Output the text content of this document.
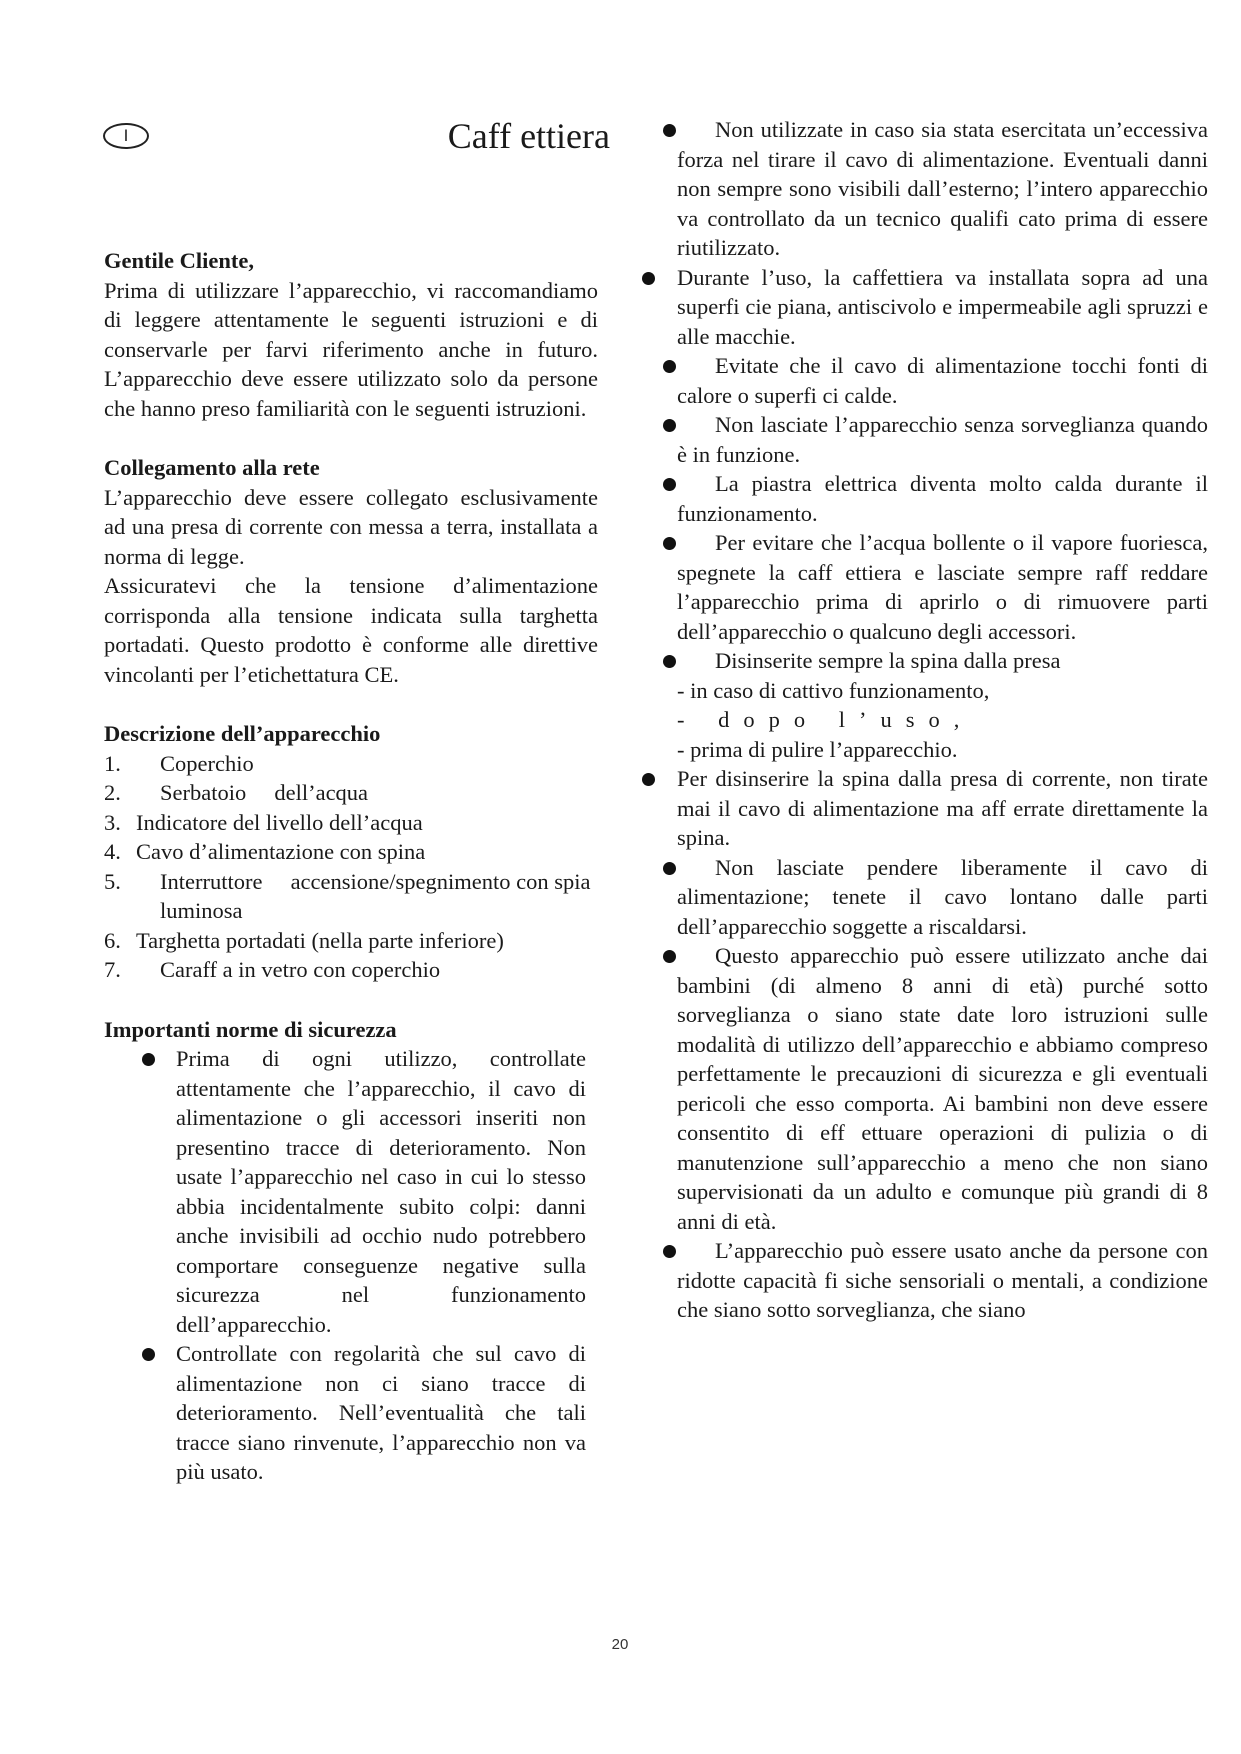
I	Caff ettiera

Gentile Cliente,

Prima di utilizzare l’apparecchio, vi raccomandiamo di leggere attentamente le seguenti istruzioni e di conservarle per farvi riferimento anche in futuro. L’apparecchio deve essere utilizzato solo da persone che hanno preso familiarità con le seguenti istruzioni.

Collegamento alla rete

L’apparecchio deve essere collegato esclusivamente ad una presa di corrente con messa a terra, installata a norma di legge.

Assicuratevi che la tensione d’alimentazione corrisponda alla tensione indicata sulla targhetta portadati. Questo prodotto è conforme alle direttive vincolanti per l’etichettatura CE.

Descrizione dell’apparecchio

1.	Coperchio
2.	Serbatoio     dell’acqua
3. Indicatore del livello dell’acqua
4. Cavo d’alimentazione con spina
5.	Interruttore     accensione/spegnimento con spia luminosa
6. Targhetta portadati (nella parte inferiore)
7.	Caraff a in vetro con coperchio

Importanti norme di sicurezza

Prima di ogni utilizzo, controllate attentamente che l’apparecchio, il cavo di alimentazione o gli accessori inseriti non presentino tracce di deterioramento. Non usate l’apparecchio nel caso in cui lo stesso abbia incidentalmente subito colpi: danni anche invisibili ad occhio nudo potrebbero comportare conseguenze negative sulla sicurezza nel funzionamento dell’apparecchio.
Controllate con regolarità che sul cavo di alimentazione non ci siano tracce di deterioramento. Nell’eventualità che tali tracce siano rinvenute, l’apparecchio non va più usato.
Non utilizzate in caso sia stata esercitata un’eccessiva forza nel tirare il cavo di alimentazione. Eventuali danni non sempre sono visibili dall’esterno; l’intero apparecchio va controllato da un tecnico qualifi cato prima di essere riutilizzato.
Durante l’uso, la caffettiera va installata sopra ad una superfi cie piana, antiscivolo e impermeabile agli spruzzi e alle macchie.
Evitate che il cavo di alimentazione tocchi fonti di calore o superfi ci calde.
Non lasciate l’apparecchio senza sorveglianza quando è in funzione.
La piastra elettrica diventa molto calda durante il funzionamento.
Per evitare che l’acqua bollente o il vapore fuoriesca, spegnete la caff ettiera e lasciate sempre raff reddare l’apparecchio prima di aprirlo o di rimuovere parti dell’apparecchio o qualcuno degli accessori.
Disinserite sempre la spina dalla presa
- in caso di cattivo funzionamento,
- dopo l’uso,
- prima di pulire l’apparecchio.
Per disinserire la spina dalla presa di corrente, non tirate mai il cavo di alimentazione ma aff errate direttamente la spina.
Non lasciate pendere liberamente il cavo di alimentazione; tenete il cavo lontano dalle parti dell’apparecchio soggette a riscaldarsi.
Questo apparecchio può essere utilizzato anche dai bambini (di almeno 8 anni di età) purché sotto sorveglianza o siano state date loro istruzioni sulle modalità di utilizzo dell’apparecchio e abbiamo compreso perfettamente le precauzioni di sicurezza e gli eventuali pericoli che esso comporta. Ai bambini non deve essere consentito di eff ettuare operazioni di pulizia o di manutenzione sull’apparecchio a meno che non siano supervisionati da un adulto e comunque più grandi di 8 anni di età.
L’apparecchio può essere usato anche da persone con ridotte capacità fi siche sensoriali o mentali, a condizione che siano sotto sorveglianza, che siano
20
